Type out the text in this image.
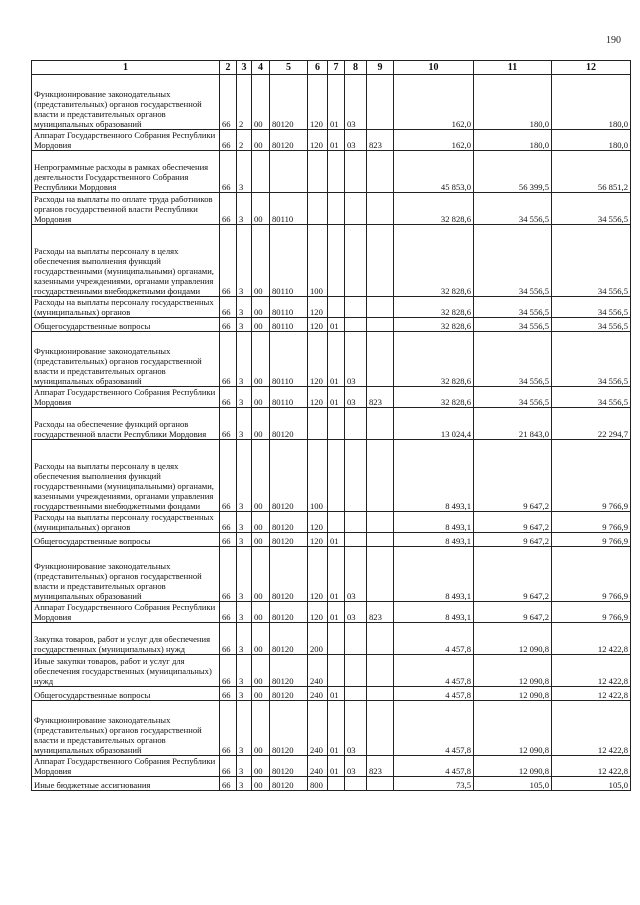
190
1	2	3	4	5	6	7	8	9	10	11	12
Функционирование законодательных (представительных) органов государственной власти и представительных органов муниципальных образований	66	2	00	80120	120	01	03		162,0	180,0	180,0
Аппарат Государственного Собрания Республики Мордовия	66	2	00	80120	120	01	03	823	162,0	180,0	180,0
Непрограммные расходы в рамках обеспечения деятельности Государственного Собрания Республики Мордовия	66	3							45 853,0	56 399,5	56 851,2
Расходы на выплаты по оплате труда работников органов государственной власти Республики Мордовия	66	3	00	80110					32 828,6	34 556,5	34 556,5
Расходы на выплаты персоналу в целях обеспечения выполнения функций государственными (муниципальными) органами, казенными учреждениями, органами управления государственными внебюджетными фондами	66	3	00	80110	100				32 828,6	34 556,5	34 556,5
Расходы на выплаты персоналу государственных (муниципальных) органов	66	3	00	80110	120				32 828,6	34 556,5	34 556,5
Общегосударственные вопросы	66	3	00	80110	120	01			32 828,6	34 556,5	34 556,5
Функционирование законодательных (представительных) органов государственной власти и представительных органов муниципальных образований	66	3	00	80110	120	01	03		32 828,6	34 556,5	34 556,5
Аппарат Государственного Собрания Республики Мордовия	66	3	00	80110	120	01	03	823	32 828,6	34 556,5	34 556,5
Расходы на обеспечение функций органов государственной власти Республики Мордовия	66	3	00	80120					13 024,4	21 843,0	22 294,7
Расходы на выплаты персоналу в целях обеспечения выполнения функций государственными (муниципальными) органами, казенными учреждениями, органами управления государственными внебюджетными фондами	66	3	00	80120	100				8 493,1	9 647,2	9 766,9
Расходы на выплаты персоналу государственных (муниципальных) органов	66	3	00	80120	120				8 493,1	9 647,2	9 766,9
Общегосударственные вопросы	66	3	00	80120	120	01			8 493,1	9 647,2	9 766,9
Функционирование законодательных (представительных) органов государственной власти и представительных органов муниципальных образований	66	3	00	80120	120	01	03		8 493,1	9 647,2	9 766,9
Аппарат Государственного Собрания Республики Мордовия	66	3	00	80120	120	01	03	823	8 493,1	9 647,2	9 766,9
Закупка товаров, работ и услуг для обеспечения государственных (муниципальных) нужд	66	3	00	80120	200				4 457,8	12 090,8	12 422,8
Иные закупки товаров, работ и услуг для обеспечения государственных (муниципальных) нужд	66	3	00	80120	240				4 457,8	12 090,8	12 422,8
Общегосударственные вопросы	66	3	00	80120	240	01			4 457,8	12 090,8	12 422,8
Функционирование законодательных (представительных) органов государственной власти и представительных органов муниципальных образований	66	3	00	80120	240	01	03		4 457,8	12 090,8	12 422,8
Аппарат Государственного Собрания Республики Мордовия	66	3	00	80120	240	01	03	823	4 457,8	12 090,8	12 422,8
Иные бюджетные ассигнования	66	3	00	80120	800				73,5	105,0	105,0
